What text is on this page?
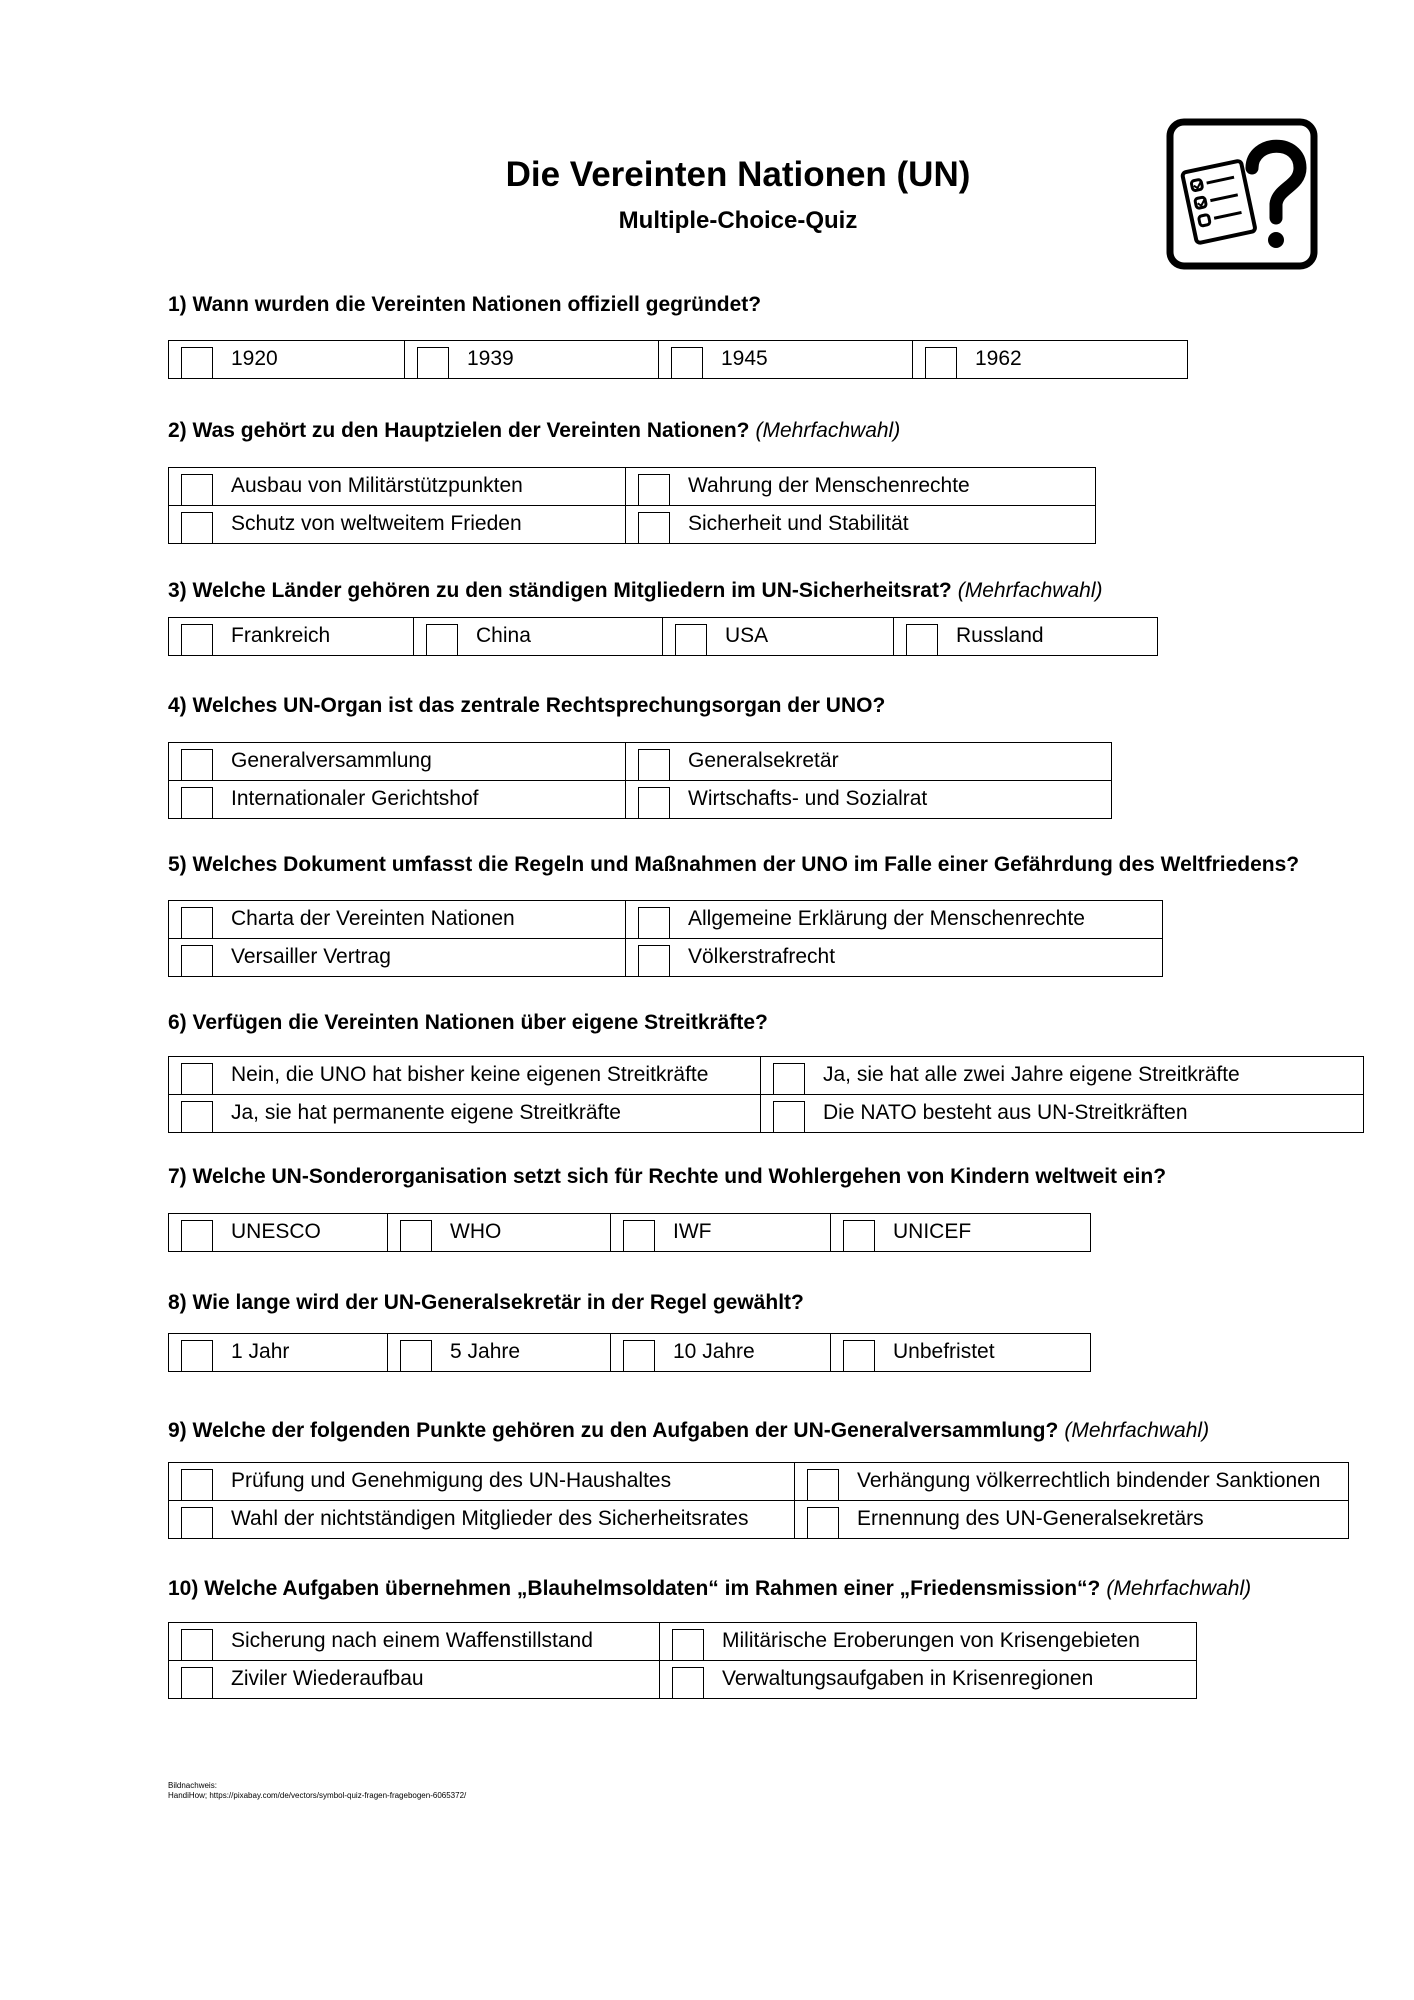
Die Vereinten Nationen (UN)
Multiple-Choice-Quiz

1) Wann wurden die Vereinten Nationen offiziell gegründet?

1920	1939	1945	1962

2) Was gehört zu den Hauptzielen der Vereinten Nationen? (Mehrfachwahl)

Ausbau von Militärstützpunkten	Wahrung der Menschenrechte

Schutz von weltweitem Frieden	Sicherheit und Stabilität

3) Welche Länder gehören zu den ständigen Mitgliedern im UN-Sicherheitsrat? (Mehrfachwahl)

Frankreich	China	USA	Russland

4) Welches UN-Organ ist das zentrale Rechtsprechungsorgan der UNO?

Generalversammlung	Generalsekretär

Internationaler Gerichtshof	Wirtschafts- und Sozialrat

5) Welches Dokument umfasst die Regeln und Maßnahmen der UNO im Falle einer Gefährdung des Weltfriedens?

Charta der Vereinten Nationen	Allgemeine Erklärung der Menschenrechte

Versailler Vertrag	Völkerstrafrecht

6) Verfügen die Vereinten Nationen über eigene Streitkräfte?

Nein, die UNO hat bisher keine eigenen Streitkräfte	Ja, sie hat alle zwei Jahre eigene Streitkräfte

Ja, sie hat permanente eigene Streitkräfte	Die NATO besteht aus UN-Streitkräften

7) Welche UN-Sonderorganisation setzt sich für Rechte und Wohlergehen von Kindern weltweit ein?

UNESCO	WHO	IWF	UNICEF

8) Wie lange wird der UN-Generalsekretär in der Regel gewählt?

1 Jahr	5 Jahre	10 Jahre	Unbefristet

9) Welche der folgenden Punkte gehören zu den Aufgaben der UN-Generalversammlung? (Mehrfachwahl)

Prüfung und Genehmigung des UN-Haushaltes	Verhängung völkerrechtlich bindender Sanktionen

Wahl der nichtständigen Mitglieder des Sicherheitsrates	Ernennung des UN-Generalsekretärs

10) Welche Aufgaben übernehmen „Blauhelmsoldaten“ im Rahmen einer „Friedensmission“? (Mehrfachwahl)

Sicherung nach einem Waffenstillstand	Militärische Eroberungen von Krisengebieten

Ziviler Wiederaufbau	Verwaltungsaufgaben in Krisenregionen
Bildnachweis:
HandiHow; https://pixabay.com/de/vectors/symbol-quiz-fragen-fragebogen-6065372/
